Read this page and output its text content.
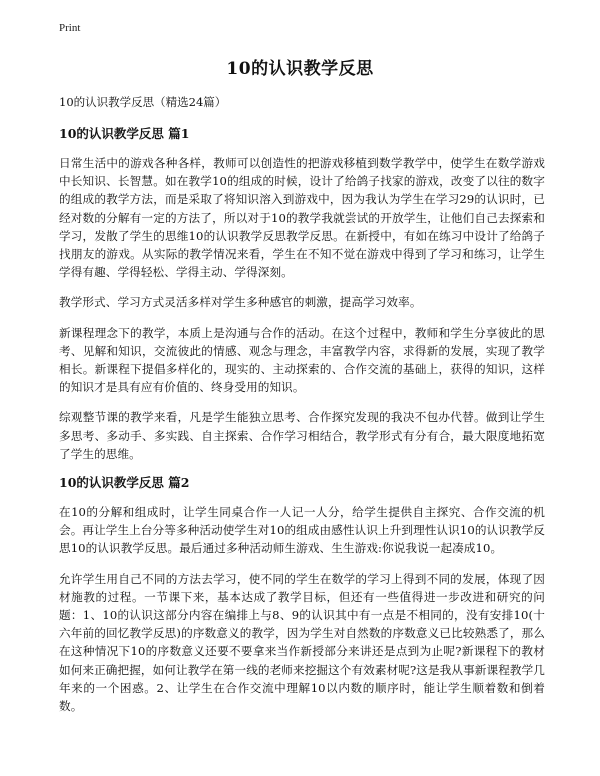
Print
10的认识教学反思

10的认识教学反思（精选24篇）

10的认识教学反思 篇1

日常生活中的游戏各种各样，教师可以创造性的把游戏移植到数学教学中，使学生在数学游戏中长知识、长智慧。如在教学10的组成的时候，设计了给鸽子找家的游戏，改变了以往的数字的组成的教学方法，而是采取了将知识溶入到游戏中，因为我认为学生在学习29的认识时，已经对数的分解有一定的方法了，所以对于10的教学我就尝试的开放学生，让他们自己去探索和学习，发散了学生的思维10的认识教学反思教学反思。在新授中，有如在练习中设计了给鸽子找朋友的游戏。从实际的教学情况来看，学生在不知不觉在游戏中得到了学习和练习，让学生学得有趣、学得轻松、学得主动、学得深刻。

教学形式、学习方式灵活多样对学生多种感官的刺激，提高学习效率。

新课程理念下的教学，本质上是沟通与合作的活动。在这个过程中，教师和学生分享彼此的思考、见解和知识，交流彼此的情感、观念与理念，丰富教学内容，求得新的发展，实现了教学相长。新课程下提倡多样化的，现实的、主动探索的、合作交流的基础上，获得的知识，这样的知识才是具有应有价值的、终身受用的知识。

综观整节课的教学来看，凡是学生能独立思考、合作探究发现的我决不包办代替。做到让学生多思考、多动手、多实践、自主探索、合作学习相结合，教学形式有分有合，最大限度地拓宽了学生的思维。

10的认识教学反思 篇2

在10的分解和组成时，让学生同桌合作一人记一人分，给学生提供自主探究、合作交流的机会。再让学生上台分等多种活动使学生对10的组成由感性认识上升到理性认识10的认识教学反思10的认识教学反思。最后通过多种活动师生游戏、生生游戏:你说我说一起凑成10。

允许学生用自己不同的方法去学习，使不同的学生在数学的学习上得到不同的发展，体现了因材施教的过程。一节课下来，基本达成了教学目标，但还有一些值得进一步改进和研究的问题：1、10的认识这部分内容在编排上与8、9的认识其中有一点是不相同的，没有安排10(十六年前的回忆教学反思)的序数意义的教学，因为学生对自然数的序数意义已比较熟悉了，那么在这种情况下10的序数意义还要不要拿来当作新授部分来讲还是点到为止呢?新课程下的教材如何来正确把握，如何让教学在第一线的老师来挖掘这个有效素材呢?这是我从事新课程教学几年来的一个困惑。2、让学生在合作交流中理解10以内数的顺序时，能让学生顺着数和倒着数。
